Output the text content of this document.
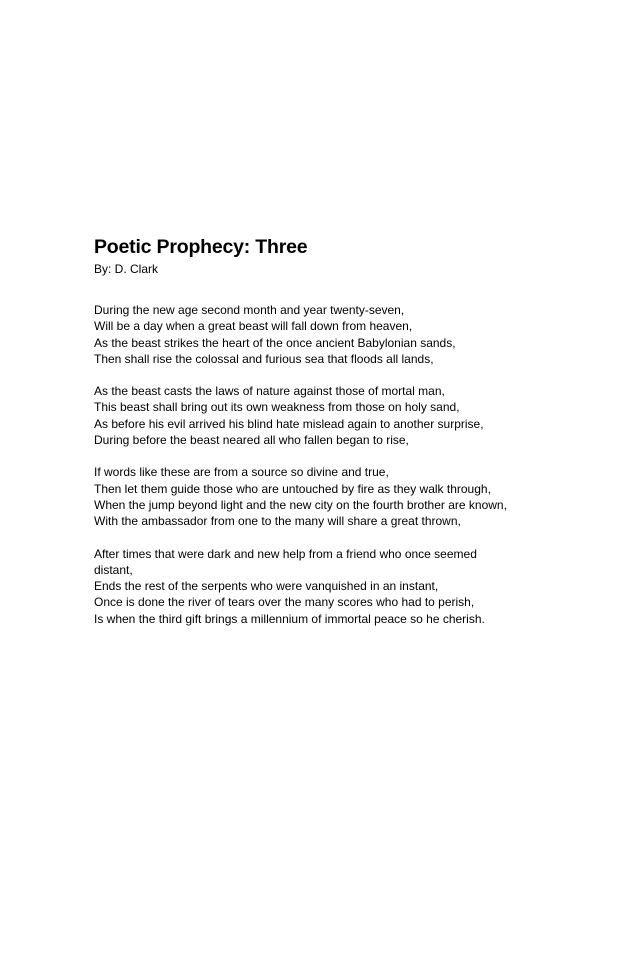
Poetic Prophecy: Three
By: D. Clark
During the new age second month and year twenty-seven,
Will be a day when a great beast will fall down from heaven,
As the beast strikes the heart of the once ancient Babylonian sands,
Then shall rise the colossal and furious sea that floods all lands,
As the beast casts the laws of nature against those of mortal man,
This beast shall bring out its own weakness from those on holy sand,
As before his evil arrived his blind hate mislead again to another surprise,
During before the beast neared all who fallen began to rise,
If words like these are from a source so divine and true,
Then let them guide those who are untouched by fire as they walk through,
When the jump beyond light and the new city on the fourth brother are known,
With the ambassador from one to the many will share a great thrown,
After times that were dark and new help from a friend who once seemed
distant,
Ends the rest of the serpents who were vanquished in an instant,
Once is done the river of tears over the many scores who had to perish,
Is when the third gift brings a millennium of immortal peace so he cherish.
